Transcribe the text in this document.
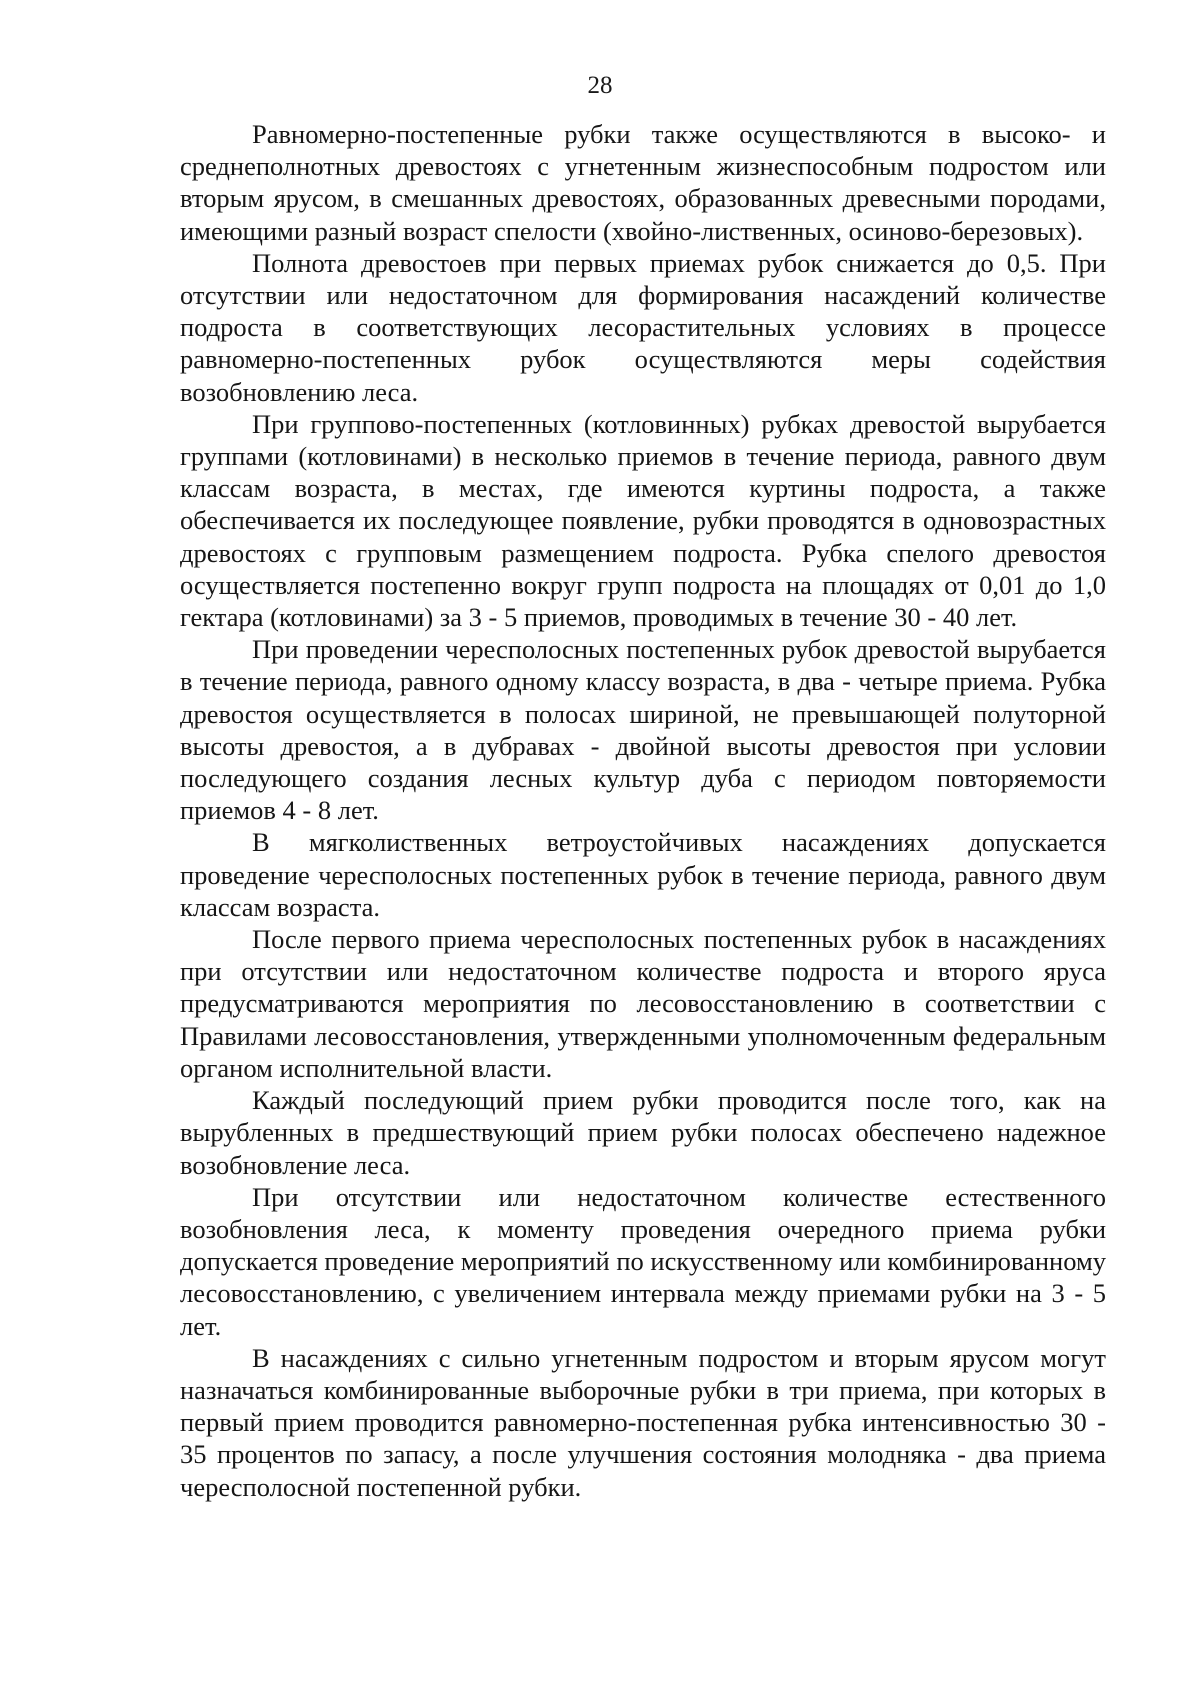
28

Равномерно-постепенные рубки также осуществляются в высоко- и среднеполнотных древостоях с угнетенным жизнеспособным подростом или вторым ярусом, в смешанных древостоях, образованных древесными породами, имеющими разный возраст спелости (хвойно-лиственных, осиново-березовых).

Полнота древостоев при первых приемах рубок снижается до 0,5. При отсутствии или недостаточном для формирования насаждений количестве подроста в соответствующих лесорастительных условиях в процессе равномерно-постепенных рубок осуществляются меры содействия возобновлению леса.

При группово-постепенных (котловинных) рубках древостой вырубается группами (котловинами) в несколько приемов в течение периода, равного двум классам возраста, в местах, где имеются куртины подроста, а также обеспечивается их последующее появление, рубки проводятся в одновозрастных древостоях с групповым размещением подроста. Рубка спелого древостоя осуществляется постепенно вокруг групп подроста на площадях от 0,01 до 1,0 гектара (котловинами) за 3 - 5 приемов, проводимых в течение 30 - 40 лет.

При проведении чересполосных постепенных рубок древостой вырубается в течение периода, равного одному классу возраста, в два - четыре приема. Рубка древостоя осуществляется в полосах шириной, не превышающей полуторной высоты древостоя, а в дубравах - двойной высоты древостоя при условии последующего создания лесных культур дуба с периодом повторяемости приемов 4 - 8 лет.

В мягколиственных ветроустойчивых насаждениях допускается проведение чересполосных постепенных рубок в течение периода, равного двум классам возраста.

После первого приема чересполосных постепенных рубок в насаждениях при отсутствии или недостаточном количестве подроста и второго яруса предусматриваются мероприятия по лесовосстановлению в соответствии с Правилами лесовосстановления, утвержденными уполномоченным федеральным органом исполнительной власти.

Каждый последующий прием рубки проводится после того, как на вырубленных в предшествующий прием рубки полосах обеспечено надежное возобновление леса.

При отсутствии или недостаточном количестве естественного возобновления леса, к моменту проведения очередного приема рубки допускается проведение мероприятий по искусственному или комбинированному лесовосстановлению, с увеличением интервала между приемами рубки на 3 - 5 лет.

В насаждениях с сильно угнетенным подростом и вторым ярусом могут назначаться комбинированные выборочные рубки в три приема, при которых в первый прием проводится равномерно-постепенная рубка интенсивностью 30 - 35 процентов по запасу, а после улучшения состояния молодняка - два приема чересполосной постепенной рубки.
